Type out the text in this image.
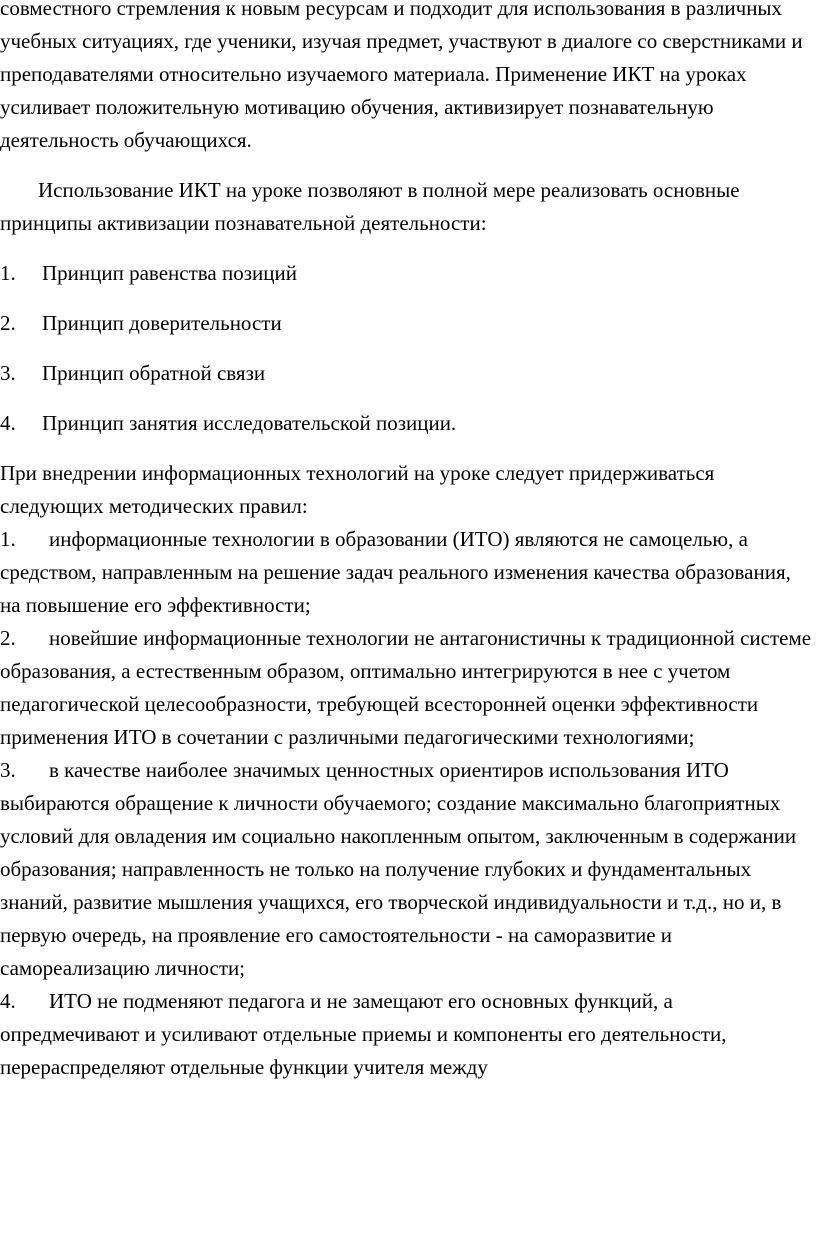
совместного стремления к новым ресурсам и подходит для использования в различных учебных ситуациях, где ученики, изучая предмет, участвуют в диалоге со сверстниками и преподавателями относительно изучаемого материала. Применение ИКТ на уроках усиливает положительную мотивацию обучения, активизирует познавательную деятельность обучающихся.

Использование ИКТ на уроке позволяют в полной мере реализовать основные принципы активизации познавательной деятельности:

1.	Принцип равенства позиций
2.	Принцип доверительности
3.	Принцип обратной связи
4.	Принцип занятия исследовательской позиции.

При внедрении информационных технологий на уроке следует придерживаться следующих методических правил:

1. информационные технологии в образовании (ИТО) являются не самоцелью, а средством, направленным на решение задач реального изменения качества образования, на повышение его эффективности;

2. новейшие информационные технологии не антагонистичны к традиционной системе образования, а естественным образом, оптимально интегрируются в нее с учетом педагогической целесообразности, требующей всесторонней оценки эффективности применения ИТО в сочетании с различными педагогическими технологиями;

3. в качестве наиболее значимых ценностных ориентиров использования ИТО выбираются обращение к личности обучаемого; создание максимально благоприятных условий для овладения им социально накопленным опытом, заключенным в содержании образования; направленность не только на получение глубоких и фундаментальных знаний, развитие мышления учащихся, его творческой индивидуальности и т.д., но и, в первую очередь, на проявление его самостоятельности - на саморазвитие и самореализацию личности;

4. ИТО не подменяют педагога и не замещают его основных функций, а опредмечивают и усиливают отдельные приемы и компоненты его деятельности, перераспределяют отдельные функции учителя между
